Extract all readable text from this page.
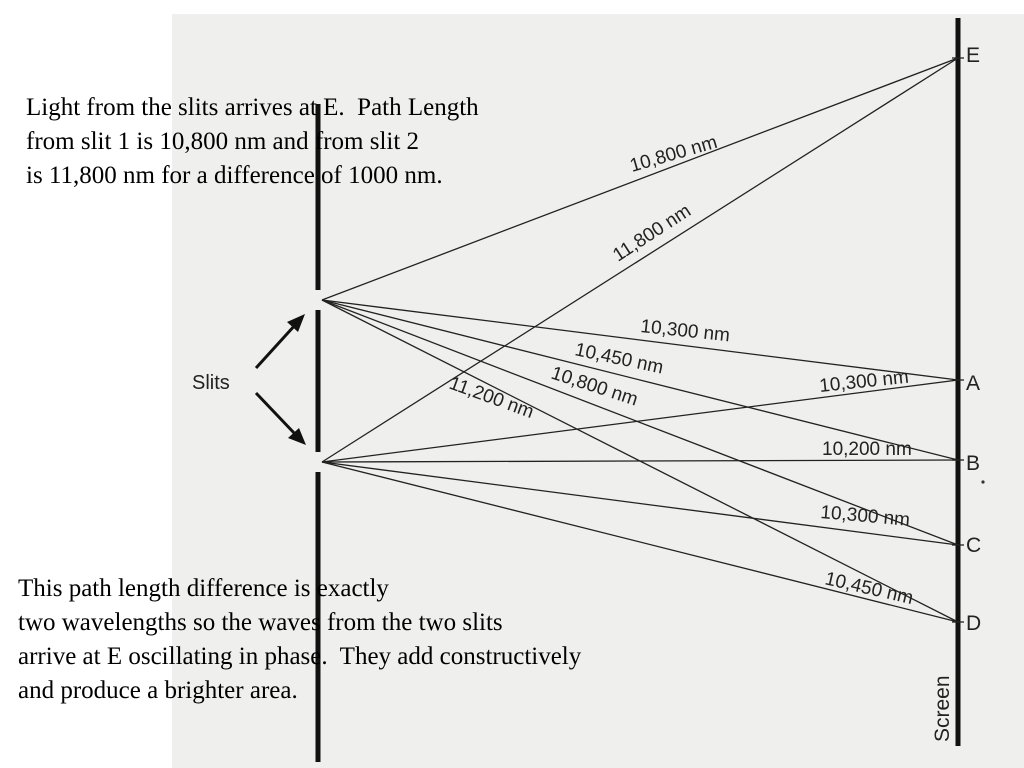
E
A
B
C
D
Screen
Slits
10,800 nm
11,800 nm
10,300 nm
10,450 nm
10,800 nm
11,200 nm	10,300 nm
10,200 nm
10,300 nm
10,450 nm

Light from the slits arrives at E.  Path Length
from slit 1 is 10,800 nm and from slit 2
is 11,800 nm for a difference of 1000 nm.

This path length difference is exactly
two wavelengths so the waves from the two slits
arrive at E oscillating in phase.  They add constructively
and produce a brighter area.
